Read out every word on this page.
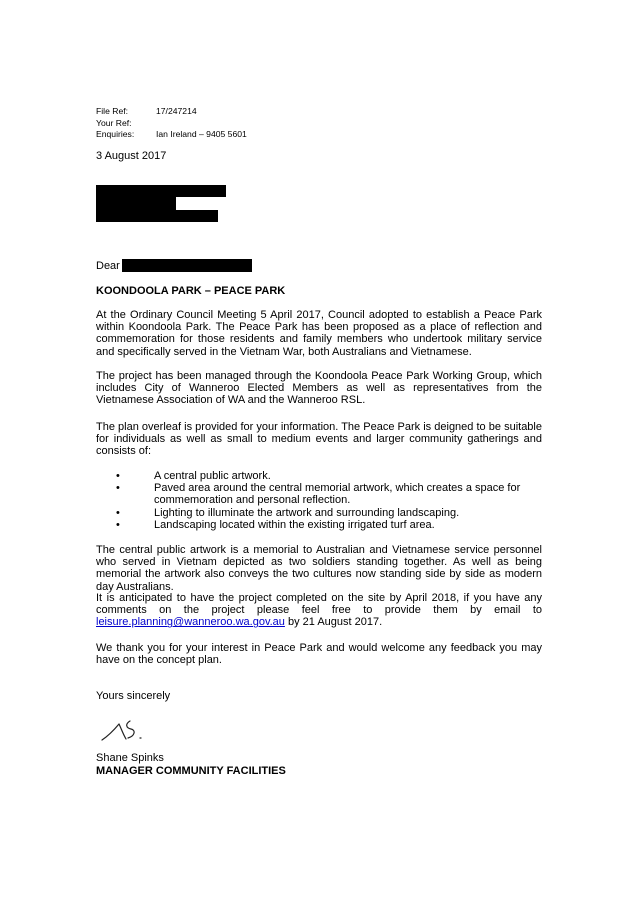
File Ref:	17/247214
Your Ref:
Enquiries:	Ian Ireland – 9405 5601
3 August 2017
Dear
KOONDOOLA PARK – PEACE PARK

At the Ordinary Council Meeting 5 April 2017, Council adopted to establish a Peace Park within Koondoola Park. The Peace Park has been proposed as a place of reflection and commemoration for those residents and family members who undertook military service and specifically served in the Vietnam War, both Australians and Vietnamese.

The project has been managed through the Koondoola Peace Park Working Group, which includes City of Wanneroo Elected Members as well as representatives from the Vietnamese Association of WA and the Wanneroo RSL.

The plan overleaf is provided for your information. The Peace Park is deigned to be suitable for individuals as well as small to medium events and larger community gatherings and consists of:

•	A central public artwork.
•	Paved area around the central memorial artwork, which creates a space for commemoration and personal reflection.
•	Lighting to illuminate the artwork and surrounding landscaping.
•	Landscaping located within the existing irrigated turf area.

The central public artwork is a memorial to Australian and Vietnamese service personnel who served in Vietnam depicted as two soldiers standing together. As well as being memorial the artwork also conveys the two cultures now standing side by side as modern day Australians.

It is anticipated to have the project completed on the site by April 2018, if you have any comments on the project please feel free to provide them by email to leisure.planning@wanneroo.wa.gov.au by 21 August 2017.

We thank you for your interest in Peace Park and would welcome any feedback you may have on the concept plan.

Yours sincerely
Shane Spinks
MANAGER COMMUNITY FACILITIES
